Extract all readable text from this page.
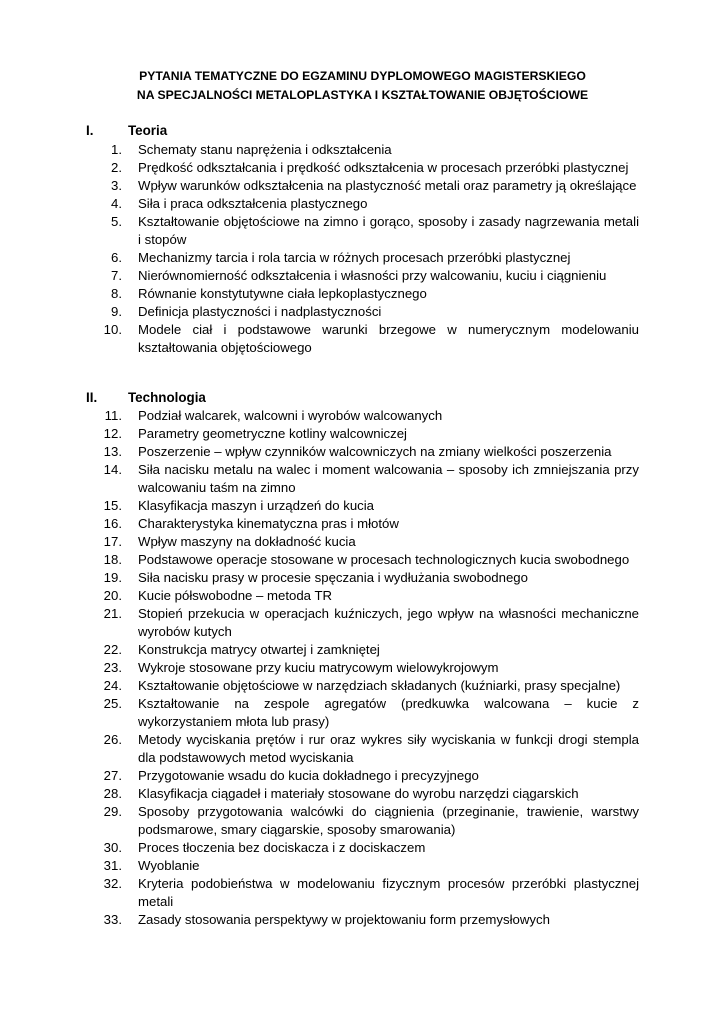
PYTANIA TEMATYCZNE DO EGZAMINU DYPLOMOWEGO MAGISTERSKIEGO
NA SPECJALNOŚCI METALOPLASTYKA I KSZTAŁTOWANIE OBJĘTOŚCIOWE
I.	Teoria
1. Schematy stanu naprężenia i odkształcenia
2. Prędkość odkształcania i prędkość odkształcenia w procesach przeróbki plastycznej
3. Wpływ warunków odkształcenia na plastyczność metali oraz parametry ją określające
4. Siła i praca odkształcenia plastycznego
5. Kształtowanie objętościowe na zimno i gorąco, sposoby i zasady nagrzewania metali i stopów
6. Mechanizmy tarcia i rola tarcia w różnych procesach przeróbki plastycznej
7. Nierównomierność odkształcenia i własności przy walcowaniu, kuciu i ciągnieniu
8. Równanie konstytutywne ciała lepkoplastycznego
9. Definicja plastyczności i nadplastyczności
10. Modele ciał i podstawowe warunki brzegowe w numerycznym modelowaniu kształtowania objętościowego
II. Technologia
11. Podział walcarek, walcowni i wyrobów walcowanych
12. Parametry geometryczne kotliny walcowniczej
13. Poszerzenie – wpływ czynników walcowniczych na zmiany wielkości poszerzenia
14. Siła nacisku metalu na walec i moment walcowania – sposoby ich zmniejszania przy walcowaniu taśm na zimno
15. Klasyfikacja maszyn i urządzeń do kucia
16. Charakterystyka kinematyczna pras i młotów
17. Wpływ maszyny na dokładność kucia
18. Podstawowe operacje stosowane w procesach technologicznych kucia swobodnego
19. Siła nacisku prasy w procesie spęczania i wydłużania swobodnego
20. Kucie półswobodne – metoda TR
21. Stopień przekucia w operacjach kuźniczych, jego wpływ na własności mechaniczne wyrobów kutych
22. Konstrukcja matrycy otwartej i zamkniętej
23. Wykroje stosowane przy kuciu matrycowym wielowykrojowym
24. Kształtowanie objętościowe w narzędziach składanych (kuźniarki, prasy specjalne)
25. Kształtowanie na zespole agregatów (predkuwka walcowana – kucie z wykorzystaniem młota lub prasy)
26. Metody wyciskania prętów i rur oraz wykres siły wyciskania w funkcji drogi stempla dla podstawowych metod wyciskania
27. Przygotowanie wsadu do kucia dokładnego i precyzyjnego
28. Klasyfikacja ciągadeł i materiały stosowane do wyrobu narzędzi ciągarskich
29. Sposoby przygotowania walcówki do ciągnienia (przeginanie, trawienie, warstwy podsmarowe, smary ciągarskie, sposoby smarowania)
30. Proces tłoczenia bez dociskacza i z dociskaczem
31. Wyoblanie
32. Kryteria podobieństwa w modelowaniu fizycznym procesów przeróbki plastycznej metali
33. Zasady stosowania perspektywy w projektowaniu form przemysłowych
